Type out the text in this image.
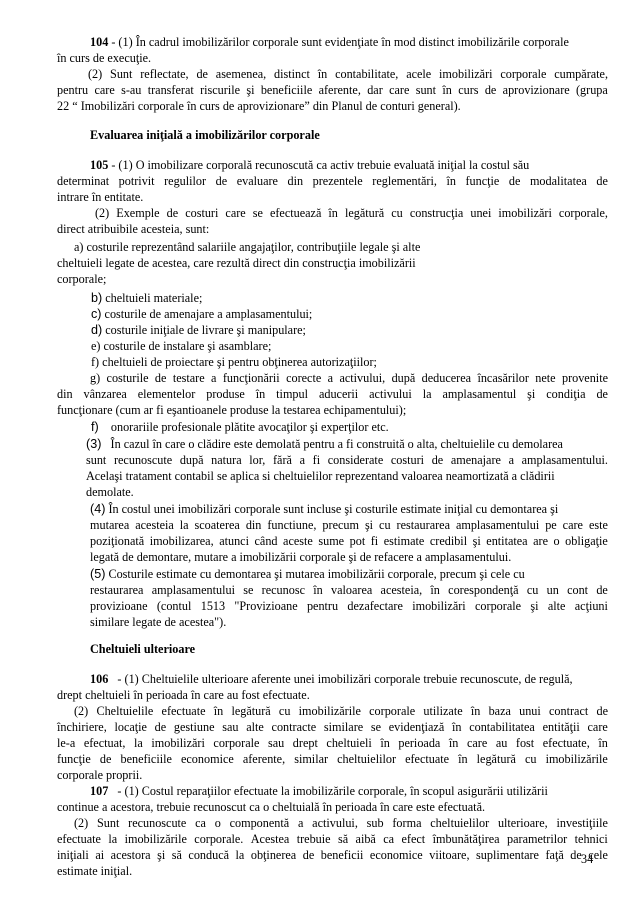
104 - (1) În cadrul imobilizărilor corporale sunt evidenţiate în mod distinct imobilizările corporale
în curs de execuţie.
(2) Sunt reflectate, de asemenea, distinct în contabilitate, acele imobilizări corporale cumpărate,
pentru care s-au transferat riscurile şi beneficiile aferente, dar care sunt în curs de aprovizionare (grupa
22 “ Imobilizări corporale în curs de aprovizionare” din Planul de conturi general).
Evaluarea iniţială a imobilizărilor corporale
105 - (1) O imobilizare corporală recunoscută ca activ trebuie evaluată iniţial la costul său
determinat potrivit regulilor de evaluare din prezentele reglementări, în funcţie de modalitatea de
intrare în entitate.
(2) Exemple de costuri care se efectuează în legătură cu construcţia unei imobilizări corporale,
direct atribuibile acesteia, sunt:
a) costurile reprezentând salariile angajaţilor, contribuţiile legale şi alte
cheltuieli legate de acestea, care rezultă direct din construcţia imobilizării
corporale;
b) cheltuieli materiale;
c) costurile de amenajare a amplasamentului;
d) costurile iniţiale de livrare şi manipulare;
e) costurile de instalare şi asamblare;
f) cheltuieli de proiectare şi pentru obţinerea autorizaţiilor;
g) costurile de testare a funcţionării corecte a activului, după deducerea încasărilor nete provenite
din vânzarea elementelor produse în timpul aducerii activului la amplasamentul şi condiţia de
funcţionare (cum ar fi eşantioanele produse la testarea echipamentului);
f) onorariile profesionale plătite avocaţilor şi experţilor etc.
(3) În cazul în care o clădire este demolată pentru a fi construită o alta, cheltuielile cu demolarea
sunt recunoscute după natura lor, fără a fi considerate costuri de amenajare a amplasamentului.
Acelaşi tratament contabil se aplica si cheltuielilor reprezentand valoarea neamortizată a clădirii
demolate.
(4) În costul unei imobilizări corporale sunt incluse şi costurile estimate iniţial cu demontarea şi
mutarea acesteia la scoaterea din functiune, precum şi cu restaurarea amplasamentului pe care este
poziţionată imobilizarea, atunci când aceste sume pot fi estimate credibil şi entitatea are o obligaţie
legată de demontare, mutare a imobilizării corporale şi de refacere a amplasamentului.
(5) Costurile estimate cu demontarea şi mutarea imobilizării corporale, precum şi cele cu
restaurarea amplasamentului se recunosc în valoarea acesteia, în corespondenţă cu un cont de
provizioane (contul 1513 "Provizioane pentru dezafectare imobilizări corporale şi alte acţiuni
similare legate de acestea").
Cheltuieli ulterioare
106 - (1) Cheltuielile ulterioare aferente unei imobilizări corporale trebuie recunoscute, de regulă,
drept cheltuieli în perioada în care au fost efectuate.
(2) Cheltuielile efectuate în legătură cu imobilizările corporale utilizate în baza unui contract de
închiriere, locaţie de gestiune sau alte contracte similare se evidenţiază în contabilitatea entităţii care
le-a efectuat, la imobilizări corporale sau drept cheltuieli în perioada în care au fost efectuate, în
funcţie de beneficiile economice aferente, similar cheltuielilor efectuate în legătură cu imobilizările
corporale proprii.
107 - (1) Costul reparaţiilor efectuate la imobilizările corporale, în scopul asigurării utilizării
continue a acestora, trebuie recunoscut ca o cheltuială în perioada în care este efectuată.
(2) Sunt recunoscute ca o componentă a activului, sub forma cheltuielilor ulterioare, investiţiile
efectuate la imobilizările corporale. Acestea trebuie să aibă ca efect îmbunătăţirea parametrilor tehnici
iniţiali ai acestora şi să conducă la obţinerea de beneficii economice viitoare, suplimentare faţă de cele
estimate iniţial.
34
